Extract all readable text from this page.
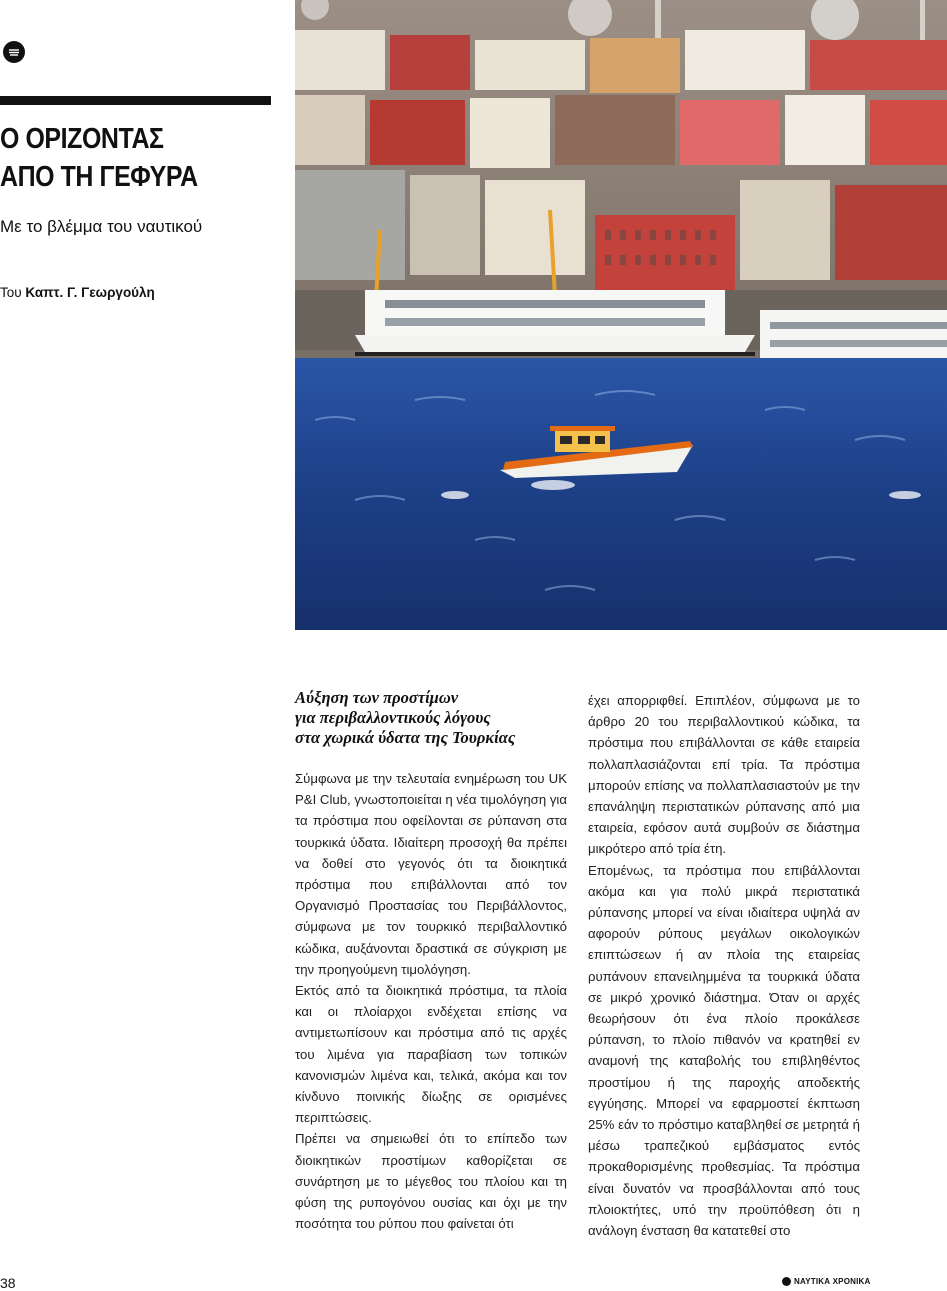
Ο ΟΡΙΖΟΝΤΑΣ
ΑΠΟ ΤΗ ΓΕΦΥΡΑ
Με το βλέμμα του ναυτικού
Του Καπτ. Γ. Γεωργούλη
Αύξηση των προστίμων
για περιβαλλοντικούς λόγους
στα χωρικά ύδατα της Τουρκίας

Σύμφωνα με την τελευταία ενημέρωση του UK P&I Club, γνωστοποιείται η νέα τιμολόγηση για τα πρόστιμα που οφείλονται σε ρύπανση στα τουρκικά ύδατα. Ιδιαίτερη προσοχή θα πρέπει να δοθεί στο γεγονός ότι τα διοικητικά πρόστιμα που επιβάλλονται από τον Οργανισμό Προστασίας του Περιβάλλοντος, σύμφωνα με τον τουρκικό περιβαλλοντικό κώδικα, αυξάνονται δραστικά σε σύγκριση με την προηγούμενη τιμολόγηση.

Εκτός από τα διοικητικά πρόστιμα, τα πλοία και οι πλοίαρχοι ενδέχεται επίσης να αντιμετωπίσουν και πρόστιμα από τις αρχές του λιμένα για παραβίαση των τοπικών κανονισμών λιμένα και, τελικά, ακόμα και τον κίνδυνο ποινικής δίωξης σε ορισμένες περιπτώσεις.

Πρέπει να σημειωθεί ότι το επίπεδο των διοικητικών προστίμων καθορίζεται σε συνάρτηση με το μέγεθος του πλοίου και τη φύση της ρυπογόνου ουσίας και όχι με την ποσότητα του ρύπου που φαίνεται ότι

έχει απορριφθεί. Επιπλέον, σύμφωνα με το άρθρο 20 του περιβαλλοντικού κώδικα, τα πρόστιμα που επιβάλλονται σε κάθε εταιρεία πολλαπλασιάζονται επί τρία. Τα πρόστιμα μπορούν επίσης να πολλαπλασιαστούν με την επανάληψη περιστατικών ρύπανσης από μια εταιρεία, εφόσον αυτά συμβούν σε διάστημα μικρότερο από τρία έτη.

Επομένως, τα πρόστιμα που επιβάλλονται ακόμα και για πολύ μικρά περιστατικά ρύπανσης μπορεί να είναι ιδιαίτερα υψηλά αν αφορούν ρύπους μεγάλων οικολογικών επιπτώσεων ή αν πλοία της εταιρείας ρυπάνουν επανειλημμένα τα τουρκικά ύδατα σε μικρό χρονικό διάστημα. Όταν οι αρχές θεωρήσουν ότι ένα πλοίο προκάλεσε ρύπανση, το πλοίο πιθανόν να κρατηθεί εν αναμονή της καταβολής του επιβληθέντος προστίμου ή της παροχής αποδεκτής εγγύησης. Μπορεί να εφαρμοστεί έκπτωση 25% εάν το πρόστιμο καταβληθεί σε μετρητά ή μέσω τραπεζικού εμβάσματος εντός προκαθορισμένης προθεσμίας. Τα πρόστιμα είναι δυνατόν να προσβάλλονται από τους πλοιοκτήτες, υπό την προϋπόθεση ότι η ανάλογη ένσταση θα κατατεθεί στο

38	ΝΑΥΤΙΚΑ ΧΡΟΝΙΚΑ
